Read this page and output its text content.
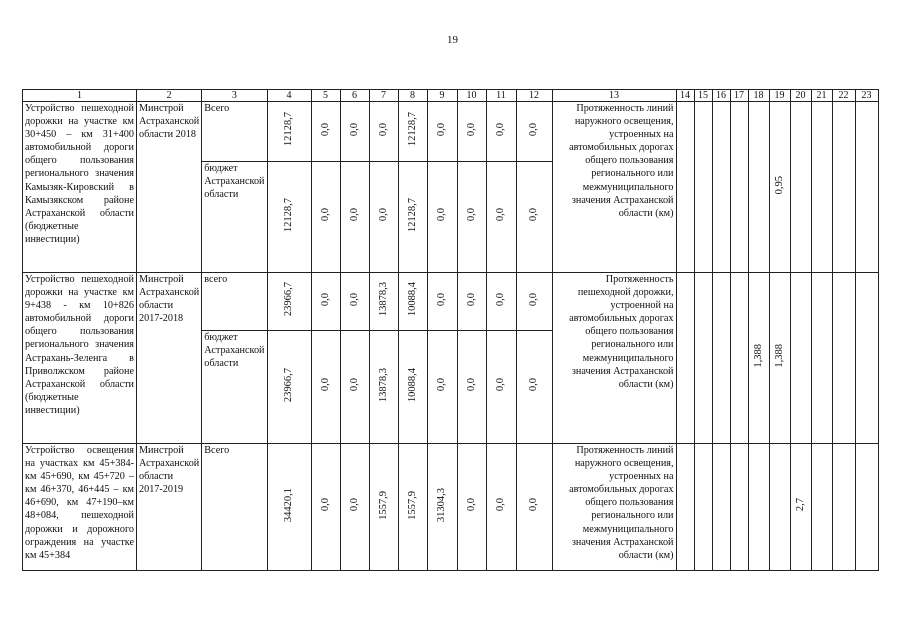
19
1	2	3	4	5	6	7	8	9	10	11	12	13	14	15	16	17	18	19	20	21	22	23
Устройство пешеходной дорожки на участке км 30+450 – км 31+400 автомобильной дороги общего пользования регионального значения Камызяк-Кировский в Камызякском районе Астраханской области (бюджетные инвестиции)	Минстрой Астраханской области 2018	Всего	12128,7	0,0	0,0	0,0	12128,7	0,0	0,0	0,0	0,0	Протяженность линий наружного освещения, устроенных на автомобильных дорогах общего пользования регионального или межмуниципального значения Астраханской области (км)						0,95				
		бюджет Астраханской области	12128,7	0,0	0,0	0,0	12128,7	0,0	0,0	0,0	0,0											
Устройство пешеходной дорожки на участке км 9+438 - км 10+826 автомобильной дороги общего пользования регионального значения Астрахань-Зеленга в Приволжском районе Астраханской области (бюджетные инвестиции)	Минстрой Астраханской области 2017-2018	всего	23966,7	0,0	0,0	13878,3	10088,4	0,0	0,0	0,0	0,0	Протяженность пешеходной дорожки, устроенной на автомобильных дорогах общего пользования регионального или межмуниципального значения Астраханской области (км)					1,388	1,388				
		бюджет Астраханской области	23966,7	0,0	0,0	13878,3	10088,4	0,0	0,0	0,0	0,0											
Устройство освещения на участках км 45+384-км 45+690, км 45+720 – км 46+370, 46+445 – км 46+690, км 47+190–км 48+084, пешеходной дорожки и дорожного ограждения на участке км 45+384	Минстрой Астраханской области 2017-2019	Всего	34420,1	0,0	0,0	1557,9	1557,9	31304,3	0,0	0,0	0,0	Протяженность линий наружного освещения, устроенных на автомобильных дорогах общего пользования регионального или межмуниципального значения Астраханской области (км)							2,7			
